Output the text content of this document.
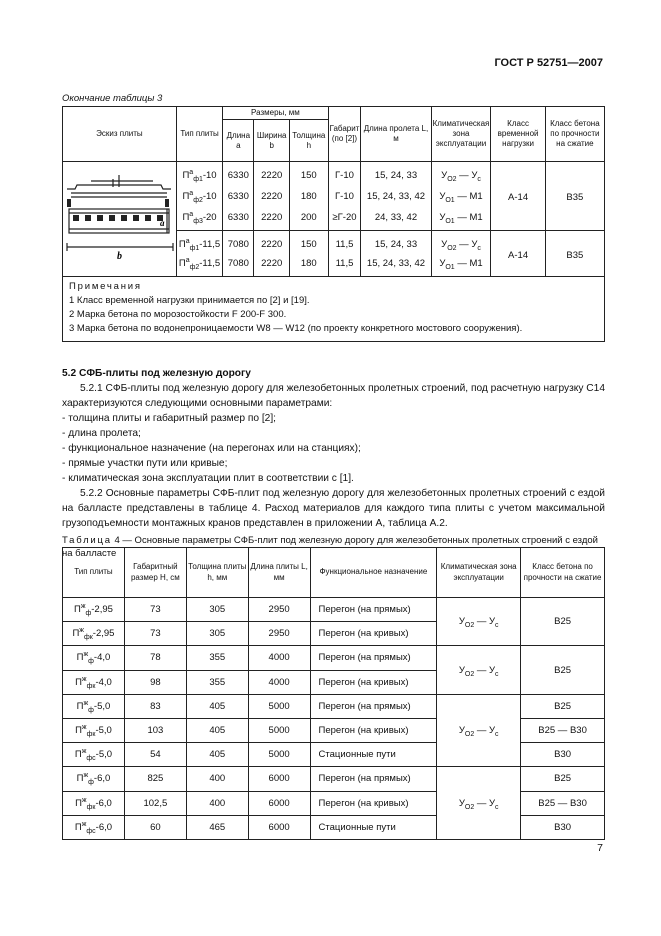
ГОСТ Р 52751—2007
Окончание таблицы 3
Эскиз плиты	Тип плиты	Размеры, мм			Габарит (по [2])	Длина пролета L, м	Климатическая зона эксплуатации	Класс временной нагрузки	Класс бетона по прочности на сжатие
		Длина a	Ширина b	Толщина h					

b
a	$П^а_{ф1}-10$	6330	2220	150	Г-10	15, 24, 33	$У_{О2}$ — $У_с$	А-14	В35
	$П^а_{ф2}-10$	6330	2220	180	Г-10	15, 24, 33, 42	$У_{О1}$ — М1		
	$П^а_{ф3}-20$	6330	2220	200	≥Г-20	24, 33, 42	$У_{О1}$ — М1		
	$П^а_{ф1}-11,5$	7080	2220	150	11,5	15, 24, 33	$У_{О2}$ — $У_с$	А-14	В35
	$П^а_{ф2}-11,5$	7080	2220	180	11,5	15, 24, 33, 42	$У_{О1}$ — М1		

Примечания
1 Класс временной нагрузки принимается по [2] и [19].
2 Марка бетона по морозостойкости F 200-F 300.
3 Марка бетона по водонепроницаемости W8 — W12 (по проекту конкретного мостового сооружения).									
5.2 СФБ-плиты под железную дорогу
5.2.1 СФБ-плиты под железную дорогу для железобетонных пролетных строений, под расчетную нагрузку С14 характеризуются следующими основными параметрами:
- толщина плиты и габаритный размер по [2];
- длина пролета;
- функциональное назначение (на перегонах или на станциях);
- прямые участки пути или кривые;
- климатическая зона эксплуатации плит в соответствии с [1].
5.2.2 Основные параметры СФБ-плит под железную дорогу для железобетонных пролетных строений с ездой на балласте представлены в таблице 4. Расход материалов для каждого типа плиты с учетом максимальной грузоподъемности монтажных кранов представлен в приложении А, таблица А.2.
Таблица 4 — Основные параметры СФБ-плит под железную дорогу для железобетонных пролетных строений с ездой на балласте
Тип плиты	Габаритный размер H, см	Толщина плиты h, мм	Длина плиты L, мм	Функциональное назначение	Климатическая зона эксплуатации	Класс бетона по прочности на сжатие
$П^ж_ф-2,95$	73	305	2950	Перегон (на прямых)	$У_{О2}$ — $У_с$	В25
$П^ж_{фк}-2,95$	73	305	2950	Перегон (на кривых)		
$П^ж_ф-4,0$	78	355	4000	Перегон (на прямых)	$У_{О2}$ — $У_с$	В25
$П^ж_{фк}-4,0$	98	355	4000	Перегон (на кривых)		
$П^ж_ф-5,0$	83	405	5000	Перегон (на прямых)	$У_{О2}$ — $У_с$	В25
$П^ж_{фк}-5,0$	103	405	5000	Перегон (на кривых)		В25 — В30
$П^ж_{фс}-5,0$	54	405	5000	Стационные пути		В30
$П^ж_ф-6,0$	825	400	6000	Перегон (на прямых)	$У_{О2}$ — $У_с$	В25
$П^ж_{фк}-6,0$	102,5	400	6000	Перегон (на кривых)		В25 — В30
$П^ж_{фс}-6,0$	60	465	6000	Стационные пути		В30
7
